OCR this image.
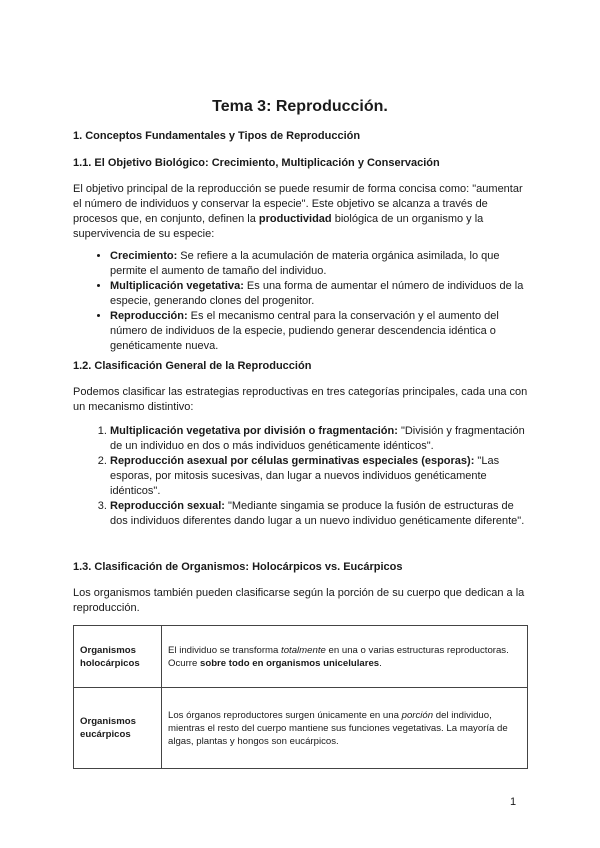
Tema 3: Reproducción.
1. Conceptos Fundamentales y Tipos de Reproducción
1.1. El Objetivo Biológico: Crecimiento, Multiplicación y Conservación
El objetivo principal de la reproducción se puede resumir de forma concisa como: "aumentar el número de individuos y conservar la especie". Este objetivo se alcanza a través de procesos que, en conjunto, definen la productividad biológica de un organismo y la supervivencia de su especie:
• Crecimiento: Se refiere a la acumulación de materia orgánica asimilada, lo que permite el aumento de tamaño del individuo.
• Multiplicación vegetativa: Es una forma de aumentar el número de individuos de la especie, generando clones del progenitor.
• Reproducción: Es el mecanismo central para la conservación y el aumento del número de individuos de la especie, pudiendo generar descendencia idéntica o genéticamente nueva.
1.2. Clasificación General de la Reproducción
Podemos clasificar las estrategias reproductivas en tres categorías principales, cada una con un mecanismo distintivo:
1. Multiplicación vegetativa por división o fragmentación: "División y fragmentación de un individuo en dos o más individuos genéticamente idénticos".
2. Reproducción asexual por células germinativas especiales (esporas): "Las esporas, por mitosis sucesivas, dan lugar a nuevos individuos genéticamente idénticos".
3. Reproducción sexual: "Mediante singamia se produce la fusión de estructuras de dos individuos diferentes dando lugar a un nuevo individuo genéticamente diferente".
1.3. Clasificación de Organismos: Holocárpicos vs. Eucárpicos
Los organismos también pueden clasificarse según la porción de su cuerpo que dedican a la reproducción.
Organismos holocárpicos	El individuo se transforma totalmente en una o varias estructuras reproductoras. Ocurre sobre todo en organismos unicelulares.
Organismos eucárpicos	Los órganos reproductores surgen únicamente en una porción del individuo, mientras el resto del cuerpo mantiene sus funciones vegetativas. La mayoría de algas, plantas y hongos son eucárpicos.
1
